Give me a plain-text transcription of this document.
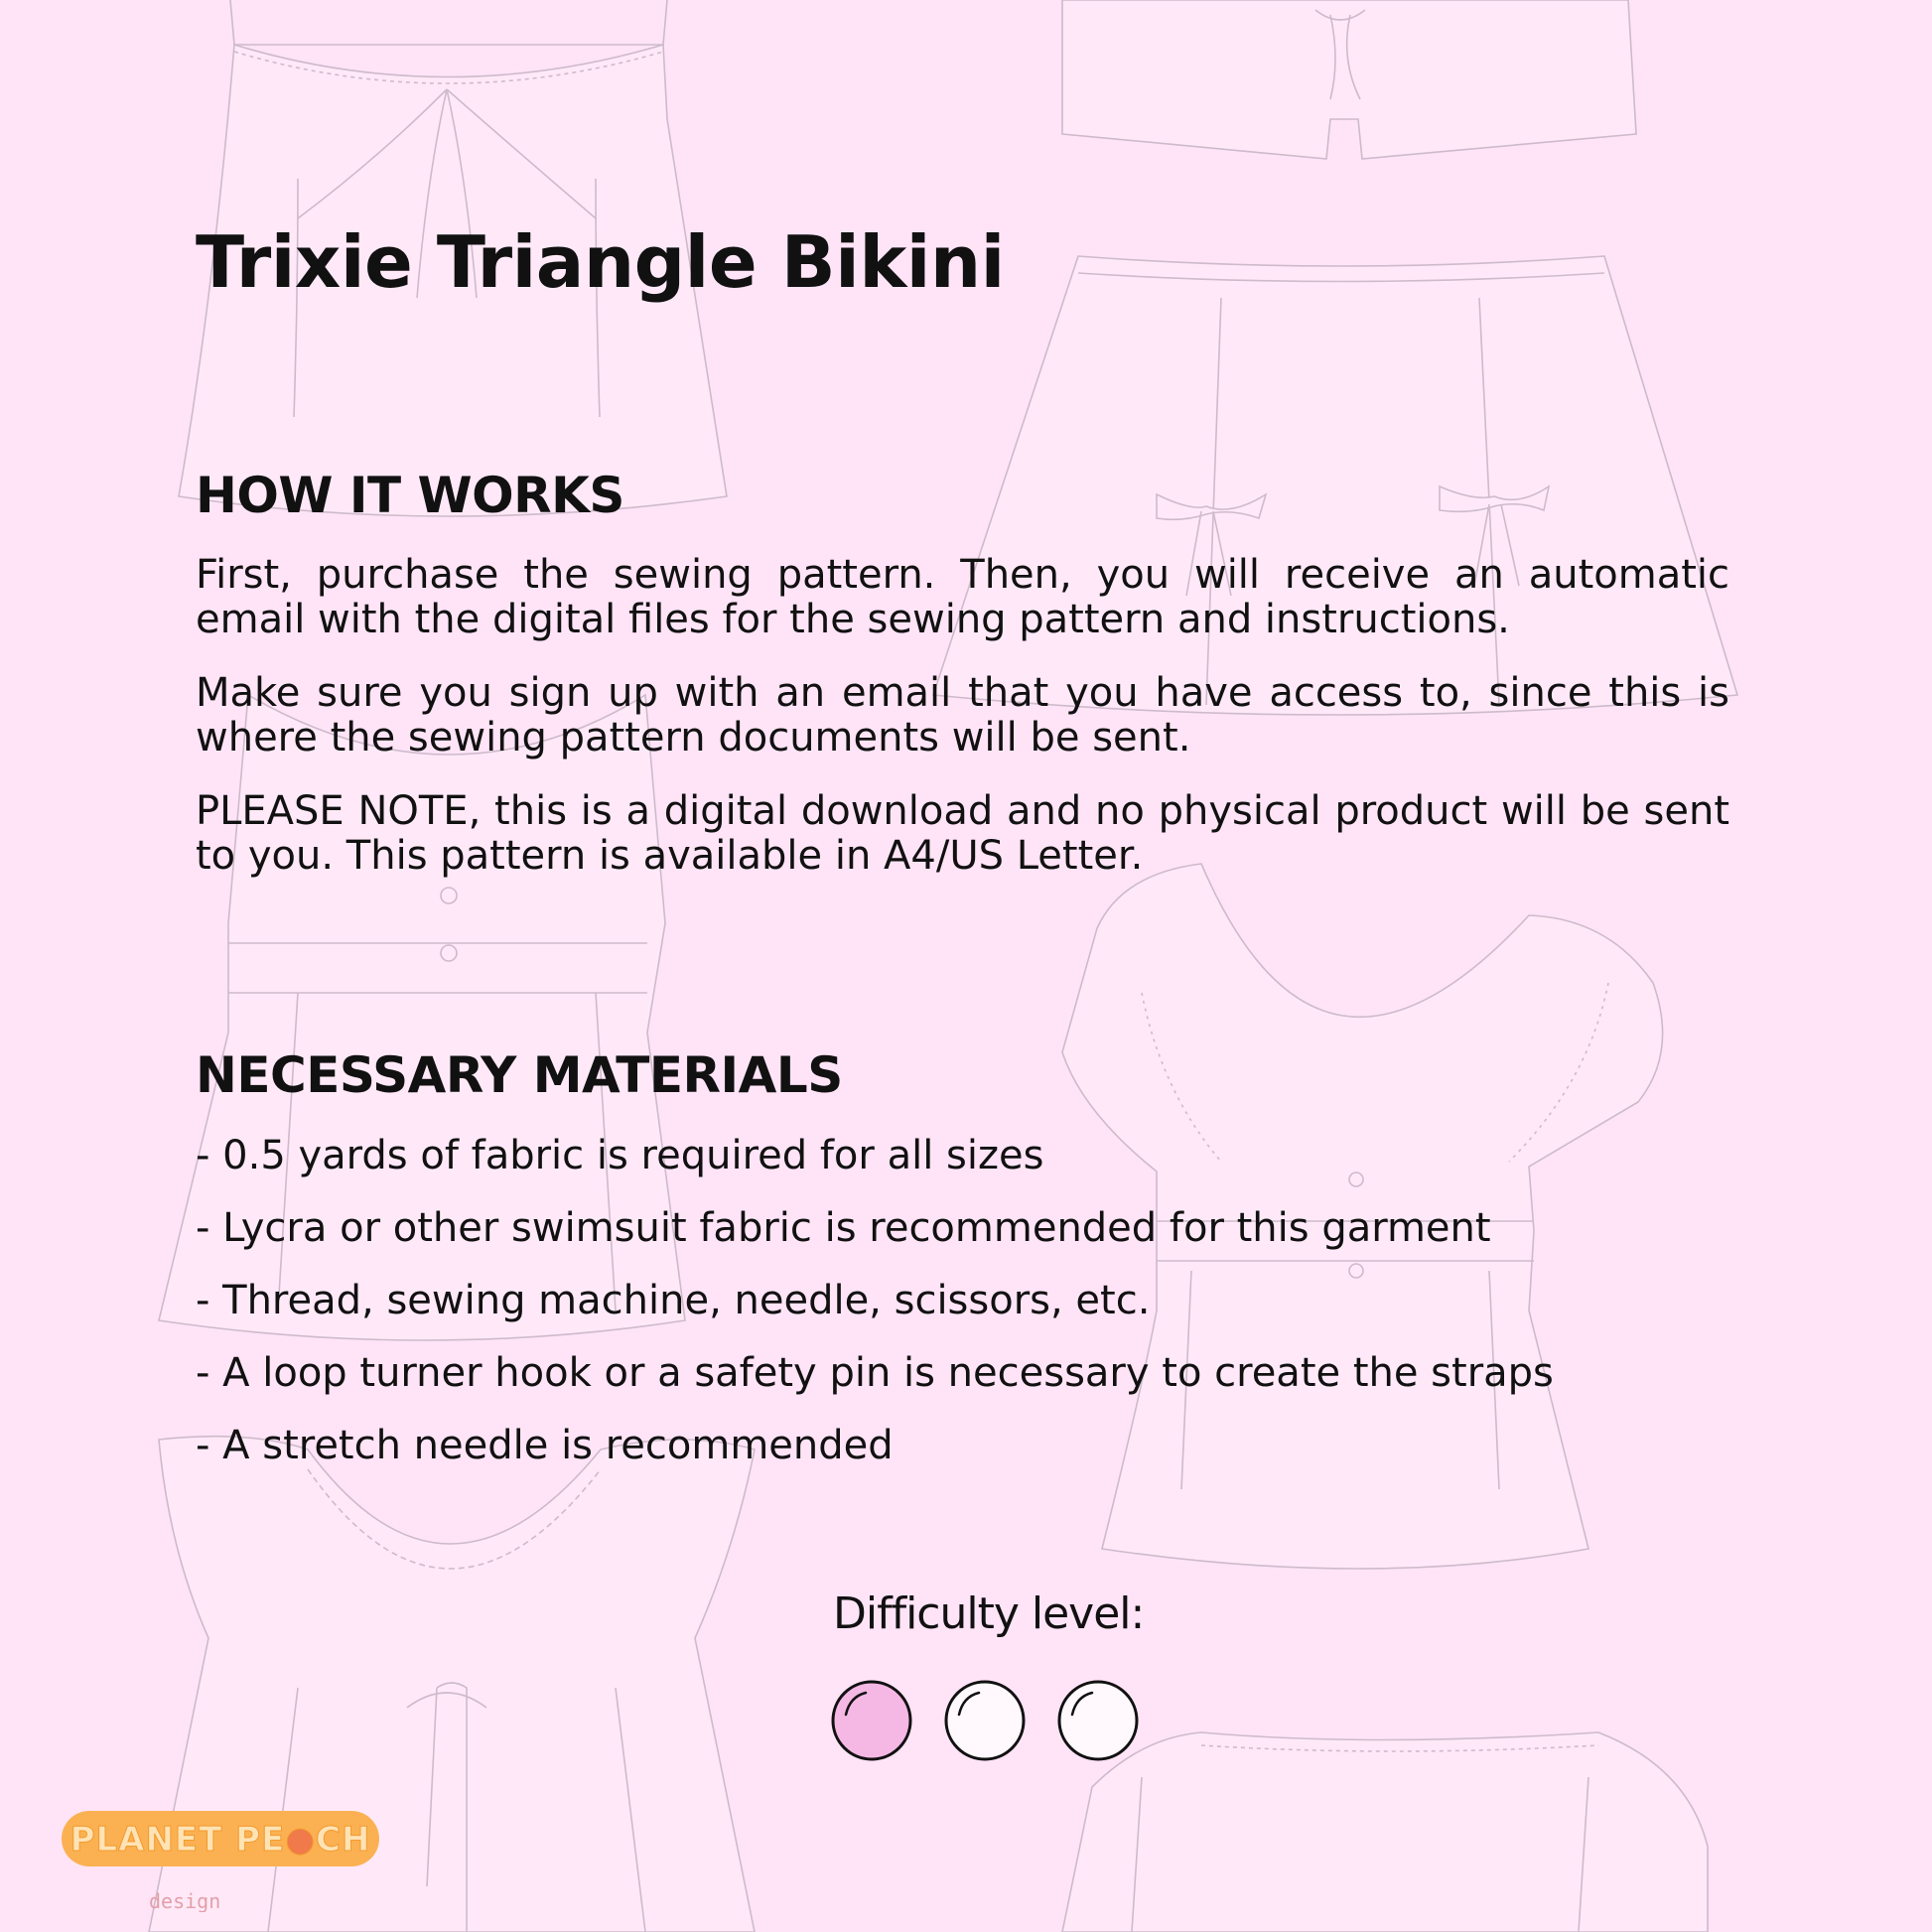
Trixie Triangle Bikini
HOW IT WORKS

First, purchase the sewing pattern. Then, you will receive an automatic email with the digital files for the sewing pattern and instructions.

Make sure you sign up with an email that you have access to, since this is where the sewing pattern documents will be sent.

PLEASE NOTE, this is a digital download and no physical product will be sent to you. This pattern is available in A4/US Letter.

NECESSARY MATERIALS

- 0.5 yards of fabric is required for all sizes

- Lycra or other swimsuit fabric is recommended for this garment

- Thread, sewing machine, needle, scissors, etc.

- A loop turner hook or a safety pin is necessary to create the straps

- A stretch needle is recommended

Difficulty level:

PLANET PE●CH
design
